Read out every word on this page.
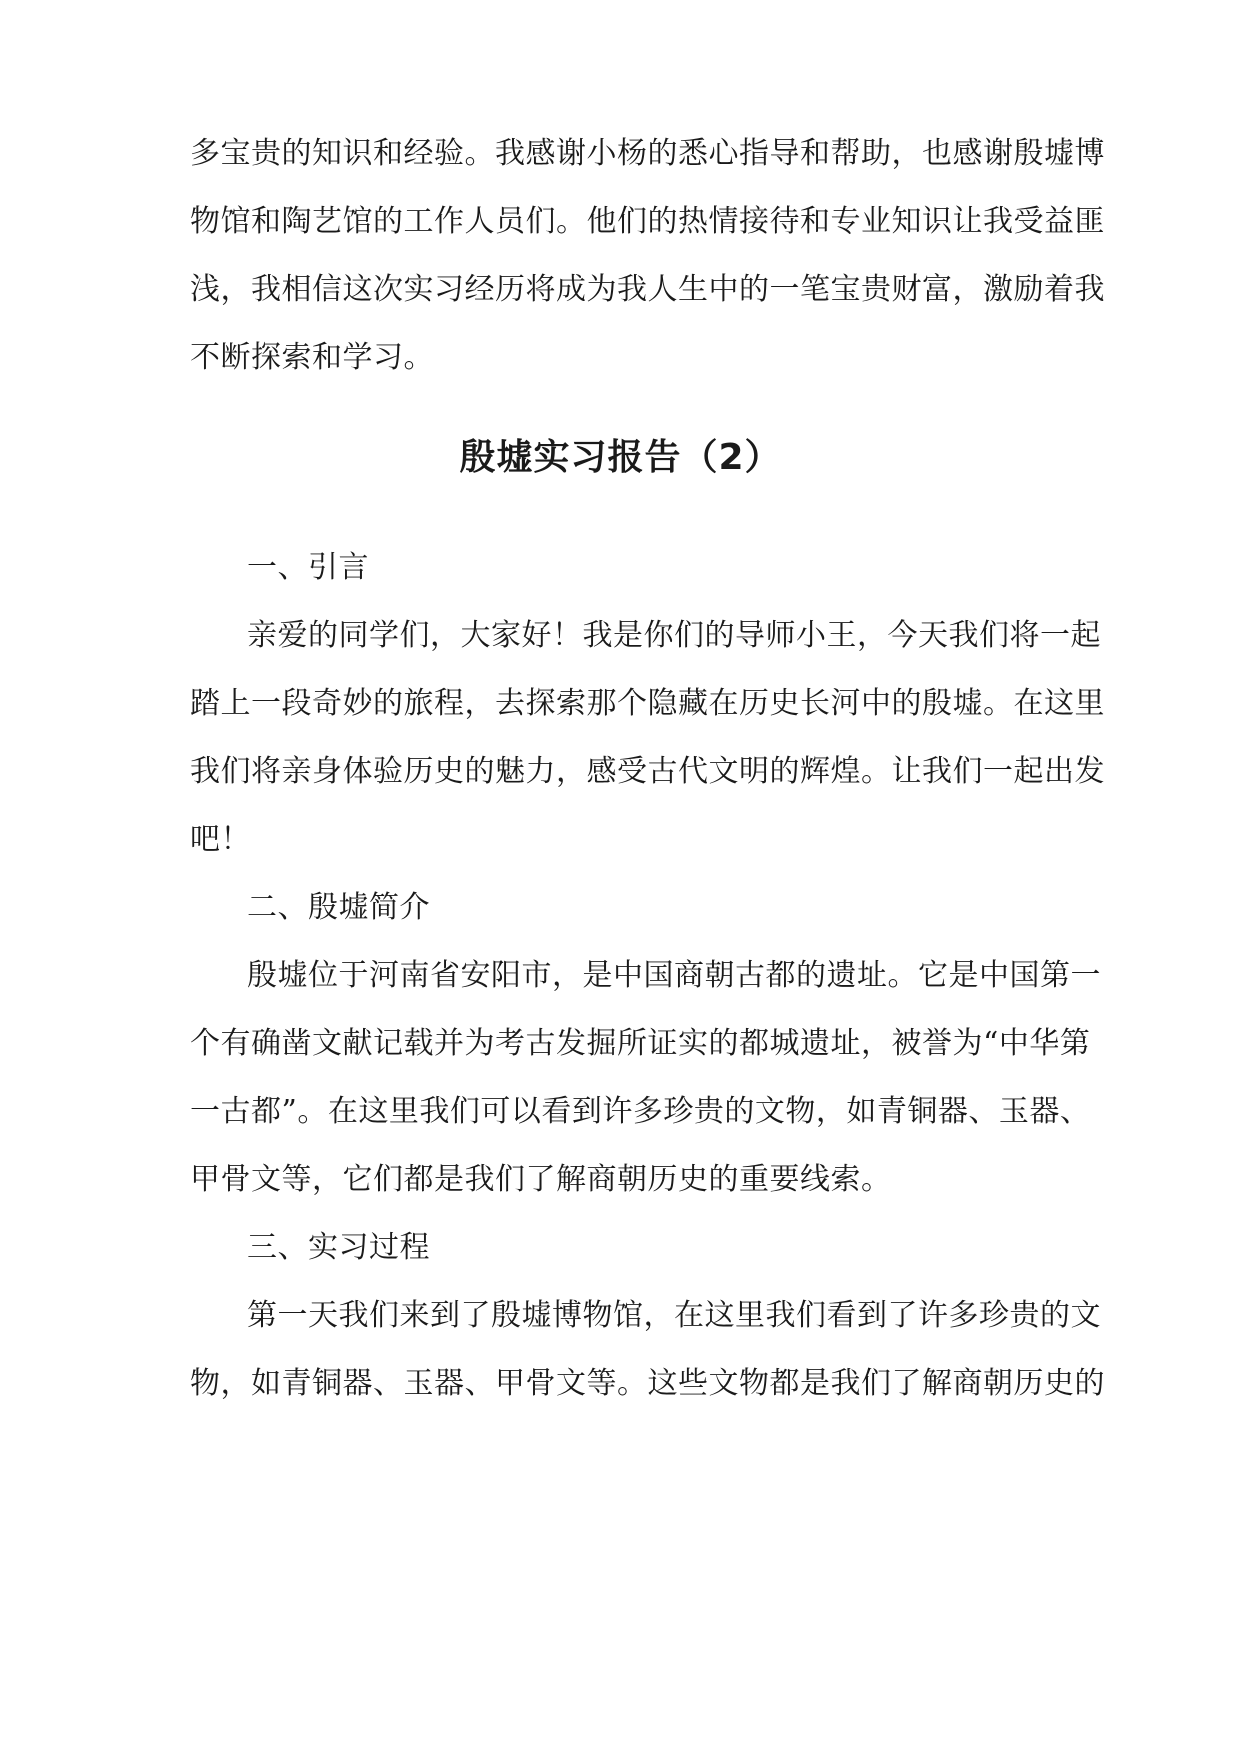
多宝贵的知识和经验。我感谢小杨的悉心指导和帮助，也感谢殷墟博
物馆和陶艺馆的工作人员们。他们的热情接待和专业知识让我受益匪
浅，我相信这次实习经历将成为我人生中的一笔宝贵财富，激励着我
不断探索和学习。
殷墟实习报告（2）
一、引言
亲爱的同学们，大家好！我是你们的导师小王，今天我们将一起
踏上一段奇妙的旅程，去探索那个隐藏在历史长河中的殷墟。在这里
我们将亲身体验历史的魅力，感受古代文明的辉煌。让我们一起出发
吧！
二、殷墟简介
殷墟位于河南省安阳市，是中国商朝古都的遗址。它是中国第一
个有确凿文献记载并为考古发掘所证实的都城遗址，被誉为“中华第
一古都”。在这里我们可以看到许多珍贵的文物，如青铜器、玉器、
甲骨文等，它们都是我们了解商朝历史的重要线索。
三、实习过程
第一天我们来到了殷墟博物馆，在这里我们看到了许多珍贵的文
物，如青铜器、玉器、甲骨文等。这些文物都是我们了解商朝历史的
